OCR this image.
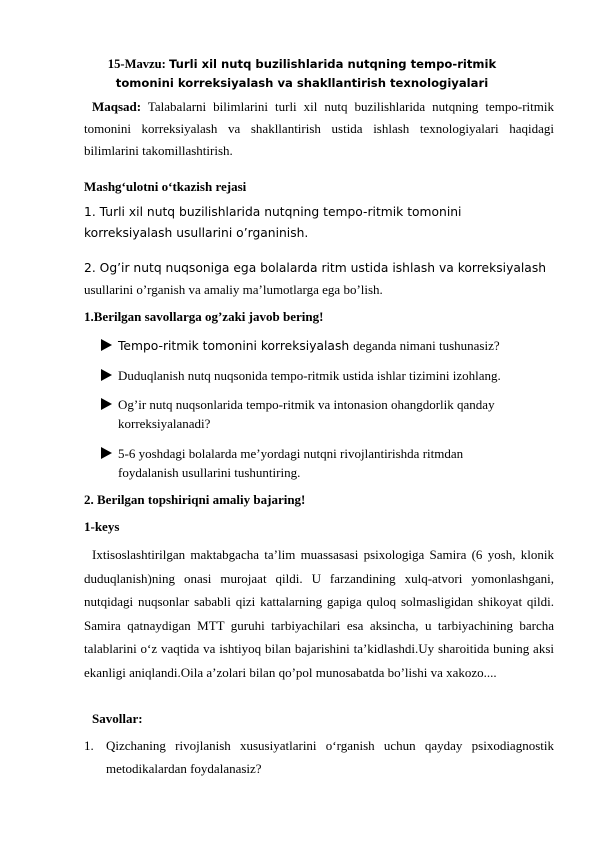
15-Mavzu: Turli xil nutq buzilishlarida nutqning tempo-ritmik tomonini korreksiyalash va shakllantirish texnologiyalari
Maqsad: Talabalarni bilimlarini turli xil nutq buzilishlarida nutqning tempo-ritmik tomonini korreksiyalash va shakllantirish ustida ishlash texnologiyalari haqidagi bilimlarini takomillashtirish.
Mashg‘ulotni o‘tkazish rejasi
1. Turli xil nutq buzilishlarida nutqning tempo-ritmik tomonini korreksiyalash usullarini o’rganinish.
2. Og’ir nutq nuqsoniga ega bolalarda ritm ustida ishlash va korreksiyalash
usullarini o’rganish va amaliy ma’lumotlarga ega bo’lish.
1.Berilgan savollarga og’zaki javob bering!
Tempo-ritmik tomonini korreksiyalash deganda nimani tushunasiz?
Duduqlanish nutq nuqsonida tempo-ritmik ustida ishlar tizimini izohlang.
Og’ir nutq nuqsonlarida tempo-ritmik va intonasion ohangdorlik qanday korreksiyalanadi?
5-6 yoshdagi bolalarda me’yordagi nutqni rivojlantirishda ritmdan foydalanish usullarini tushuntiring.
2. Berilgan topshiriqni amaliy bajaring!
1-keys
Ixtisoslashtirilgan maktabgacha ta’lim muassasasi psixologiga Samira (6 yosh, klonik duduqlanish)ning onasi murojaat qildi. U farzandining xulq-atvori yomonlashgani, nutqidagi nuqsonlar sababli qizi kattalarning gapiga quloq solmasligidan shikoyat qildi. Samira qatnaydigan MTT guruhi tarbiyachilari esa aksincha, u tarbiyachining barcha talablarini o‘z vaqtida va ishtiyoq bilan bajarishini ta’kidlashdi.Uy sharoitida buning aksi ekanligi aniqlandi.Oila a’zolari bilan qo’pol munosabatda bo’lishi va xakozo....
Savollar:
1. Qizchaning rivojlanish xususiyatlarini o‘rganish uchun qayday psixodiagnostik metodikalardan foydalanasiz?
